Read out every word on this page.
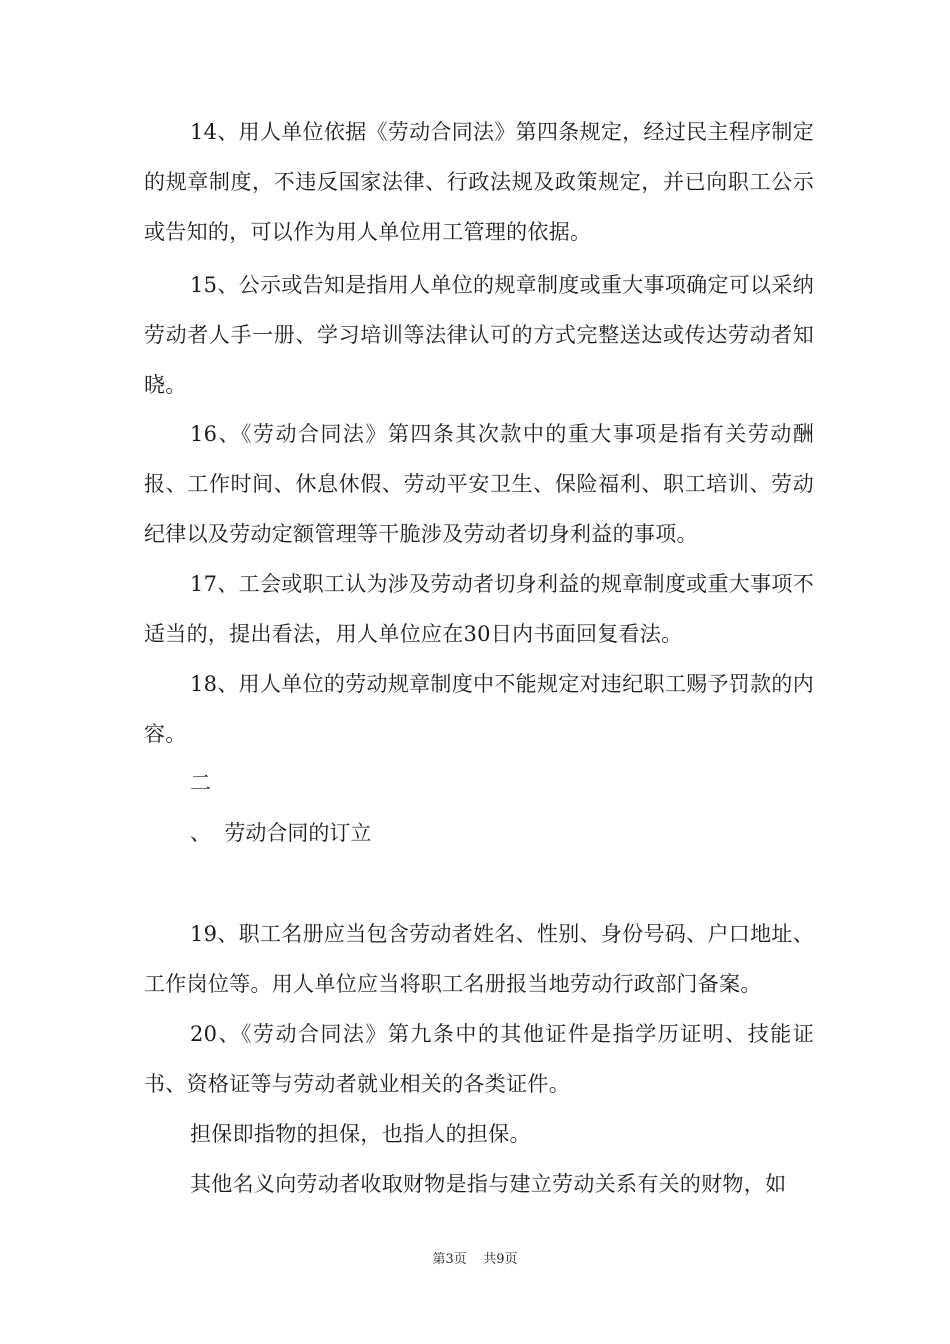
14、用人单位依据《劳动合同法》第四条规定，经过民主程序制定的规章制度，不违反国家法律、行政法规及政策规定，并已向职工公示或告知的，可以作为用人单位用工管理的依据。

15、公示或告知是指用人单位的规章制度或重大事项确定可以采纳劳动者人手一册、学习培训等法律认可的方式完整送达或传达劳动者知晓。

16、《劳动合同法》第四条其次款中的重大事项是指有关劳动酬报、工作时间、休息休假、劳动平安卫生、保险福利、职工培训、劳动纪律以及劳动定额管理等干脆涉及劳动者切身利益的事项。

17、工会或职工认为涉及劳动者切身利益的规章制度或重大事项不适当的，提出看法，用人单位应在30日内书面回复看法。

18、用人单位的劳动规章制度中不能规定对违纪职工赐予罚款的内容。

二
、  劳动合同的订立

19、职工名册应当包含劳动者姓名、性别、身份号码、户口地址、工作岗位等。用人单位应当将职工名册报当地劳动行政部门备案。

20、《劳动合同法》第九条中的其他证件是指学历证明、技能证书、资格证等与劳动者就业相关的各类证件。

担保即指物的担保，也指人的担保。

其他名义向劳动者收取财物是指与建立劳动关系有关的财物，如

第3页    共9页
